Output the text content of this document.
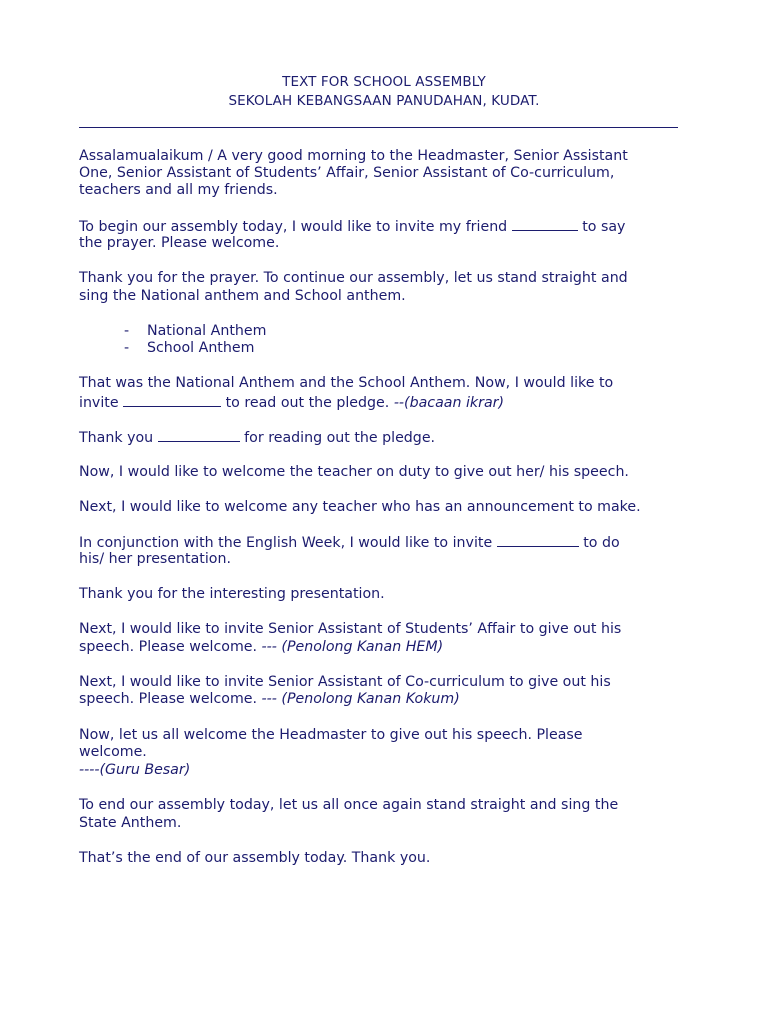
TEXT FOR SCHOOL ASSEMBLY
SEKOLAH KEBANGSAAN PANUDAHAN, KUDAT.
Assalamualaikum / A very good morning to the Headmaster, Senior Assistant
One, Senior Assistant of Students’ Affair, Senior Assistant of Co-curriculum,
teachers and all my friends.
To begin our assembly today, I would like to invite my friend	to say
the prayer. Please welcome.
Thank you for the prayer. To continue our assembly, let us stand straight and
sing the National anthem and School anthem.
- National Anthem
- School Anthem
That was the National Anthem and the School Anthem. Now, I would like to
invite	to read out the pledge. --(bacaan ikrar)
Thank you	for reading out the pledge.
Now, I would like to welcome the teacher on duty to give out her/ his speech.
Next, I would like to welcome any teacher who has an announcement to make.
In conjunction with the English Week, I would like to invite	to do
his/ her presentation.
Thank you for the interesting presentation.
Next, I would like to invite Senior Assistant of Students’ Affair to give out his
speech. Please welcome. --- (Penolong Kanan HEM)
Next, I would like to invite Senior Assistant of Co-curriculum to give out his
speech. Please welcome. --- (Penolong Kanan Kokum)
Now, let us all welcome the Headmaster to give out his speech. Please
welcome.
----(Guru Besar)
To end our assembly today, let us all once again stand straight and sing the
State Anthem.
That’s the end of our assembly today. Thank you.
